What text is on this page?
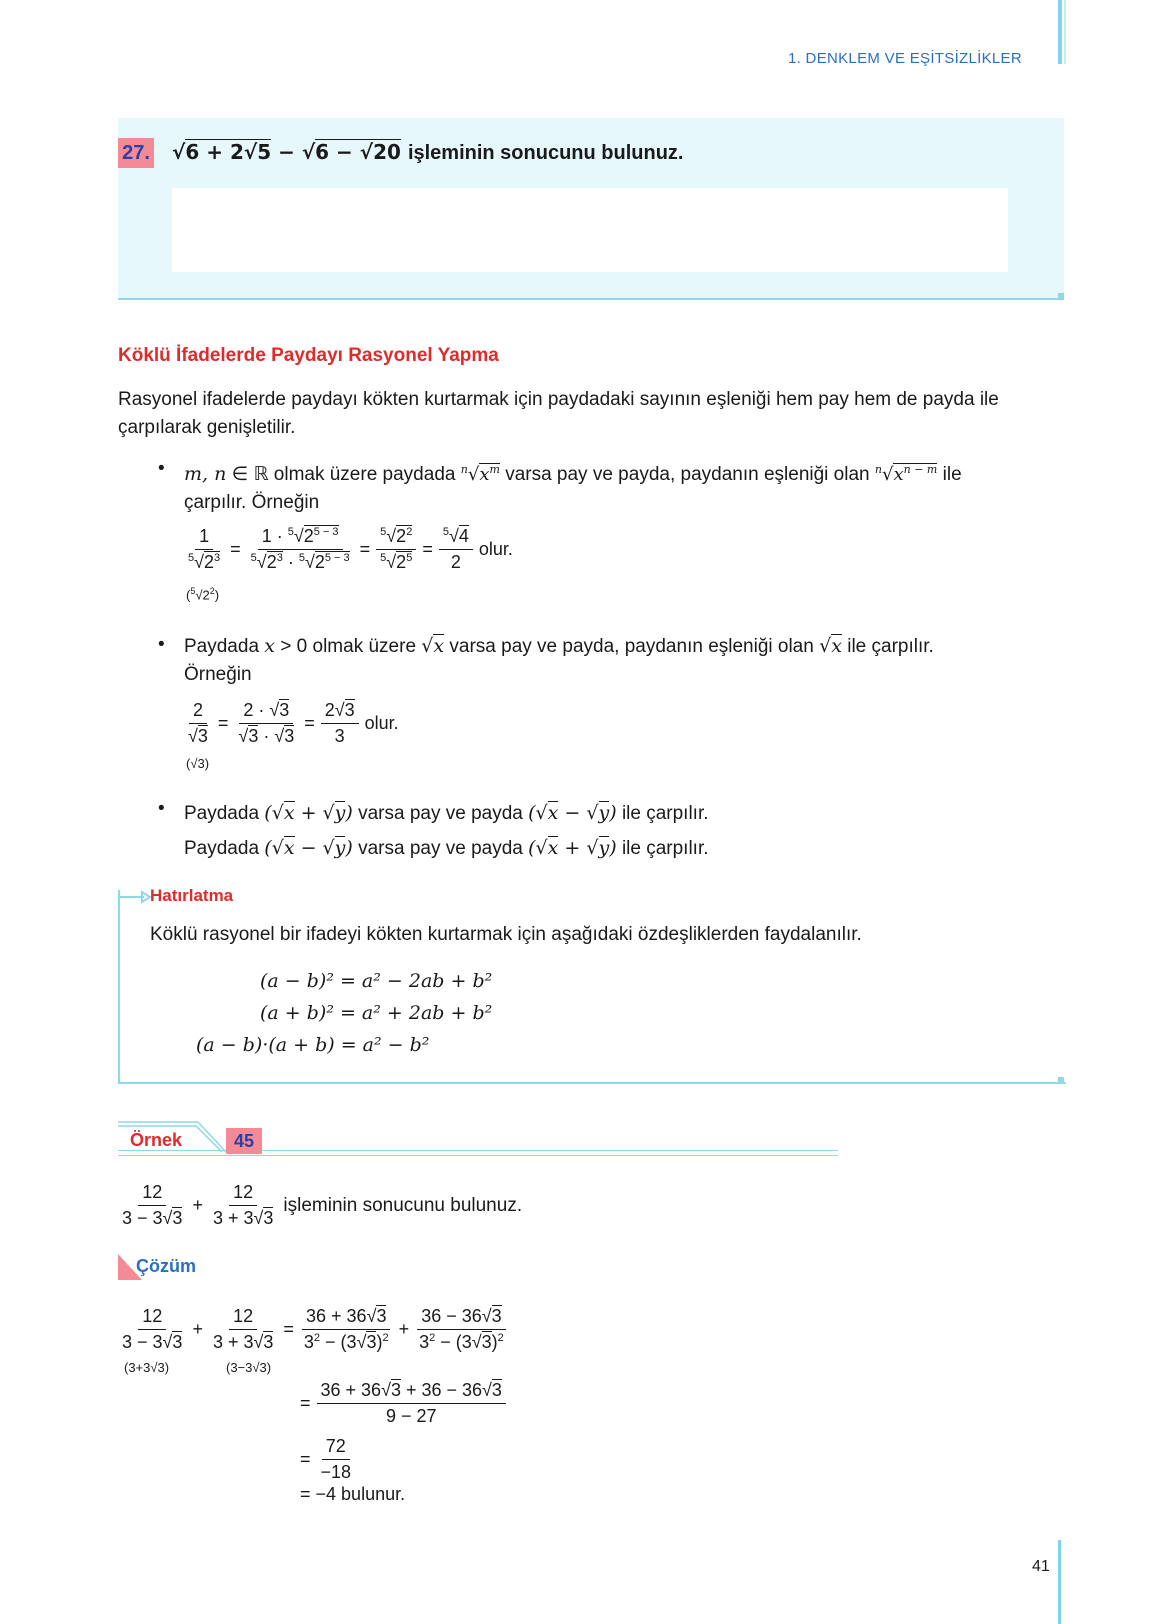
1. DENKLEM VE EŞİTSİZLİKLER
27. √6 + 2√5 − √6 − √20 işleminin sonucunu bulunuz.
Köklü İfadelerde Paydayı Rasyonel Yapma
Rasyonel ifadelerde paydayı kökten kurtarmak için paydadaki sayının eşleniği hem pay hem de payda ile çarpılarak genişletilir.
• m, n ∈ ℝ olmak üzere paydada $^n√x^m$ varsa pay ve payda, paydanın eşleniği olan $^n√x^{n - m}$ ile
çarpılır. Örneğin
$\frac{1}{^5√2^3} = \frac{1 \cdot ^5√2^{5 - 3}}{^5√2^3 \cdot ^5√2^{5 - 3}} = \frac{^5√2^2}{^5√2^5} = \frac{^5√4}{2}$ olur.
$(^5√2^2)$
• Paydada x > 0 olmak üzere √x varsa pay ve payda, paydanın eşleniği olan √x ile çarpılır.
Örneğin
$\frac{2}{√3} = \frac{2 \cdot √3}{√3 \cdot √3} = \frac{2√3}{3}$ olur.
(√3)
• Paydada (√x + √y) varsa pay ve payda (√x − √y) ile çarpılır.
Paydada (√x − √y) varsa pay ve payda (√x + √y) ile çarpılır.
Hatırlatma
Köklü rasyonel bir ifadeyi kökten kurtarmak için aşağıdaki özdeşliklerden faydalanılır.
(a − b)² = a² − 2ab + b²
(a + b)² = a² + 2ab + b²
(a − b)·(a + b) = a² − b²
Örnek	45
$\frac{12}{3 - 3√3} + \frac{12}{3 + 3√3}$ işleminin sonucunu bulunuz.
Çözüm
$\frac{12}{3 - 3√3} + \frac{12}{3 + 3√3} = \frac{36 + 36√3}{3^2 - (3√3)^2} + \frac{36 - 36√3}{3^2 - (3√3)^2}$
(3+3√3)	(3−3√3)
= $\frac{36 + 36√3 + 36 - 36√3}{9 - 27}$
= $\frac{72}{-18}$
= −4 bulunur.
41
